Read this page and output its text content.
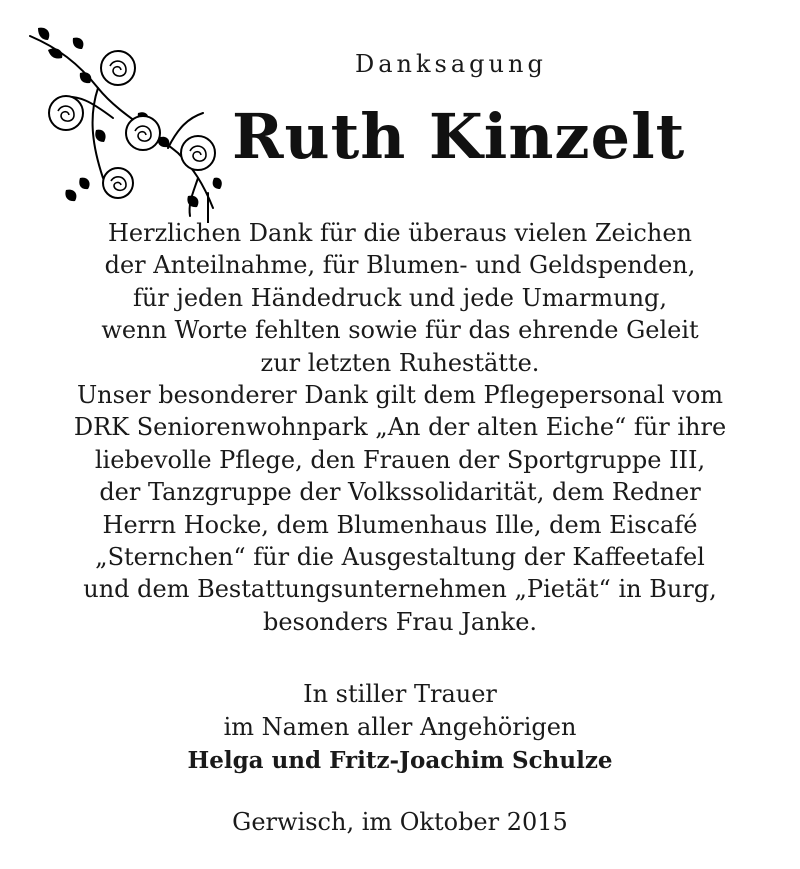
Danksagung
Ruth Kinzelt
Herzlichen Dank für die überaus vielen Zeichen
der Anteilnahme, für Blumen- und Geldspenden,
für jeden Händedruck und jede Umarmung,
wenn Worte fehlten sowie für das ehrende Geleit
zur letzten Ruhestätte.
Unser besonderer Dank gilt dem Pflegepersonal vom
DRK Seniorenwohnpark „An der alten Eiche“ für ihre
liebevolle Pflege, den Frauen der Sportgruppe III,
der Tanzgruppe der Volkssolidarität, dem Redner
Herrn Hocke, dem Blumenhaus Ille, dem Eiscafé
„Sternchen“ für die Ausgestaltung der Kaffeetafel
und dem Bestattungsunternehmen „Pietät“ in Burg,
besonders Frau Janke.
In stiller Trauer
im Namen aller Angehörigen
Helga und Fritz-Joachim Schulze
Gerwisch, im Oktober 2015
